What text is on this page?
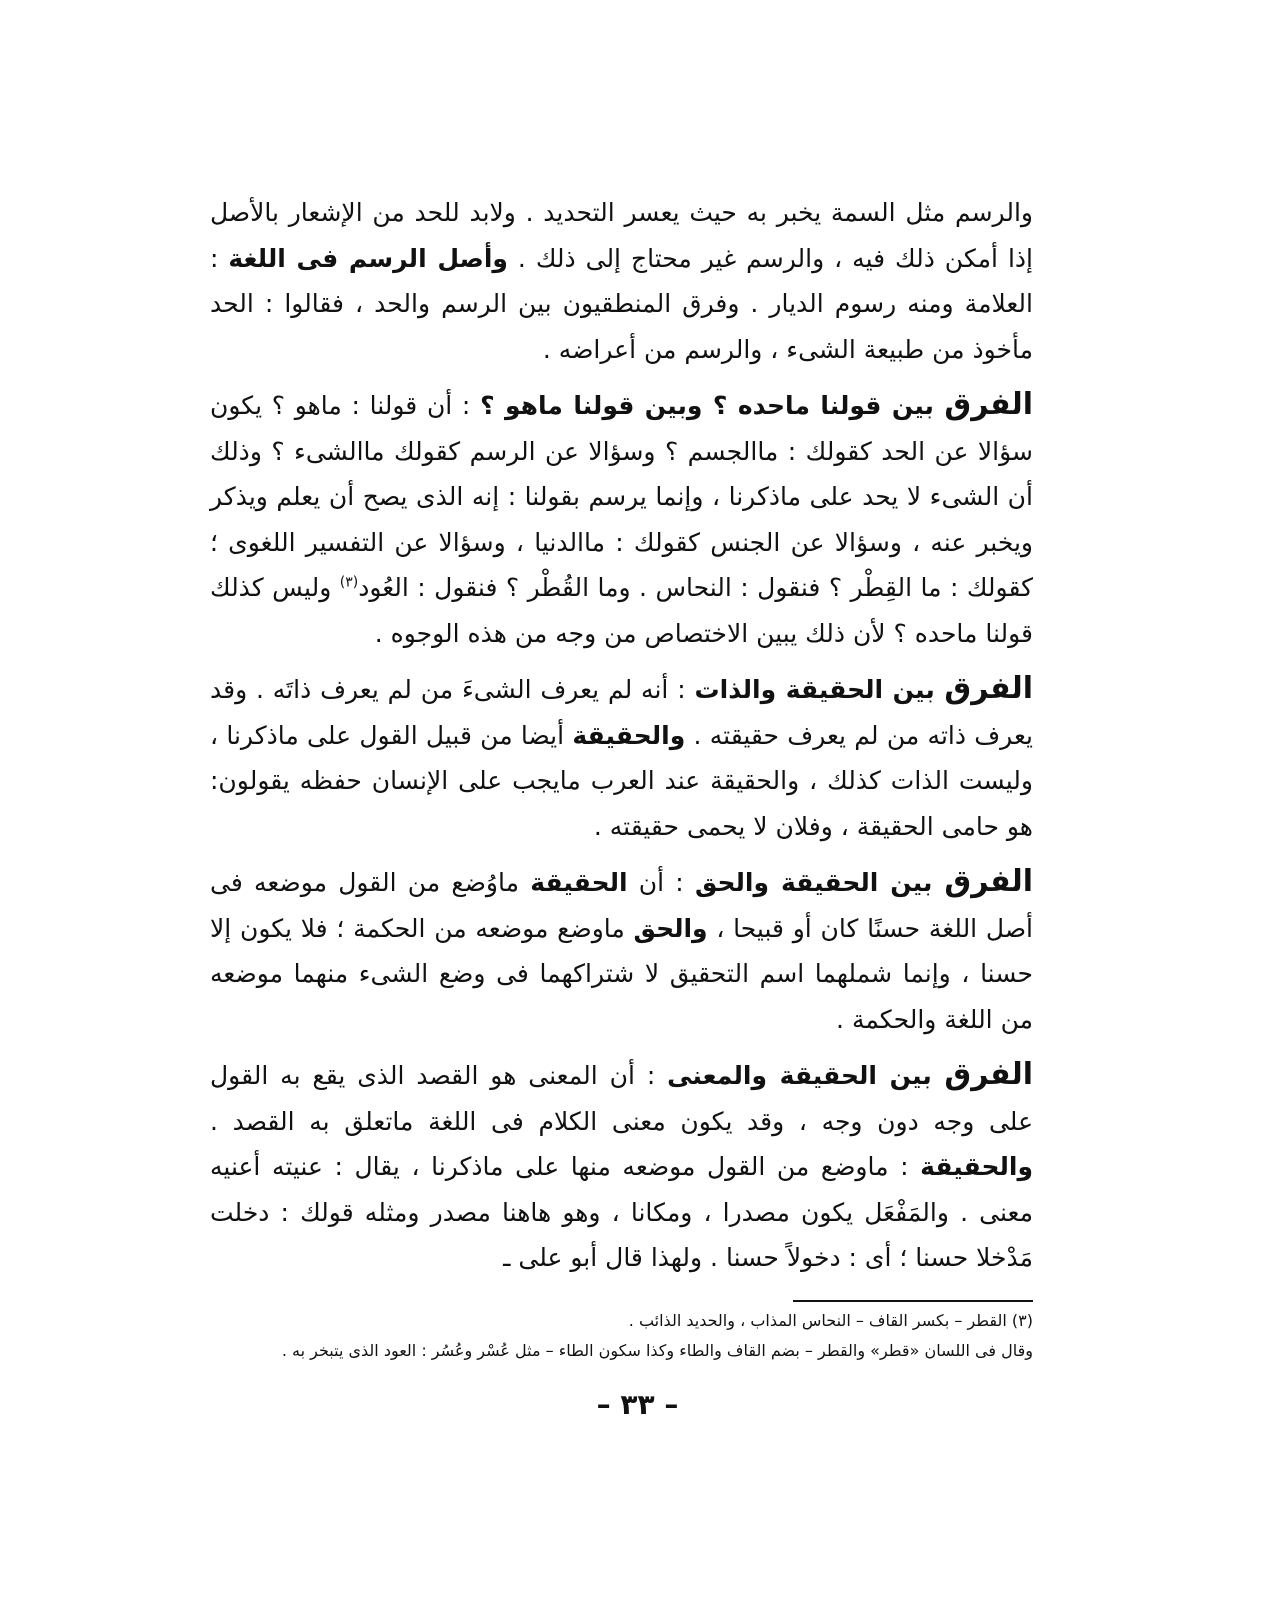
والرسم مثل السمة يخبر به حيث يعسر التحديد . ولابد للحد من الإشعار بالأصل إذا أمكن ذلك فيه ، والرسم غير محتاج إلى ذلك . وأصل الرسم فى اللغة : العلامة ومنه رسوم الديار . وفرق المنطقيون بين الرسم والحد ، فقالوا : الحد مأخوذ من طبيعة الشىء ، والرسم من أعراضه .

الفرق بين قولنا ماحده ؟ وبين قولنا ماهو ؟ : أن قولنا : ماهو ؟ يكون سؤالا عن الحد كقولك : ماالجسم ؟ وسؤالا عن الرسم كقولك ماالشىء ؟ وذلك أن الشىء لا يحد على ماذكرنا ، وإنما يرسم بقولنا : إنه الذى يصح أن يعلم ويذكر ويخبر عنه ، وسؤالا عن الجنس كقولك : ماالدنيا ، وسؤالا عن التفسير اللغوى ؛ كقولك : ما القِطْر ؟ فنقول : النحاس . وما القُطْر ؟ فنقول : العُود$^{(٣)}$ وليس كذلك قولنا ماحده ؟ لأن ذلك يبين الاختصاص من وجه من هذه الوجوه .

الفرق بين الحقيقة والذات : أنه لم يعرف الشىءَ من لم يعرف ذاتَه . وقد يعرف ذاته من لم يعرف حقيقته . والحقيقة أيضا من قبيل القول على ماذكرنا ، وليست الذات كذلك ، والحقيقة عند العرب مايجب على الإنسان حفظه يقولون: هو حامى الحقيقة ، وفلان لا يحمى حقيقته .

الفرق بين الحقيقة والحق : أن الحقيقة ماوُضع من القول موضعه فى أصل اللغة حسنًا كان أو قبيحا ، والحق ماوضع موضعه من الحكمة ؛ فلا يكون إلا حسنا ، وإنما شملهما اسم التحقيق لا شتراكهما فى وضع الشىء منهما موضعه من اللغة والحكمة .

الفرق بين الحقيقة والمعنى : أن المعنى هو القصد الذى يقع به القول على وجه دون وجه ، وقد يكون معنى الكلام فى اللغة ماتعلق به القصد . والحقيقة : ماوضع من القول موضعه منها على ماذكرنا ، يقال : عنيته أعنيه معنى . والمَفْعَل يكون مصدرا ، ومكانا ، وهو هاهنا مصدر ومثله قولك : دخلت مَدْخلا حسنا ؛ أى : دخولاً حسنا . ولهذا قال أبو على ـ

(٣) القطر – بكسر القاف – النحاس المذاب ، والحديد الذائب .
وقال فى اللسان «قطر» والقطر – بضم القاف والطاء وكذا سكون الطاء – مثل عُسْر وعُسُر : العود الذى يتبخر به .
– ٣٣ –
